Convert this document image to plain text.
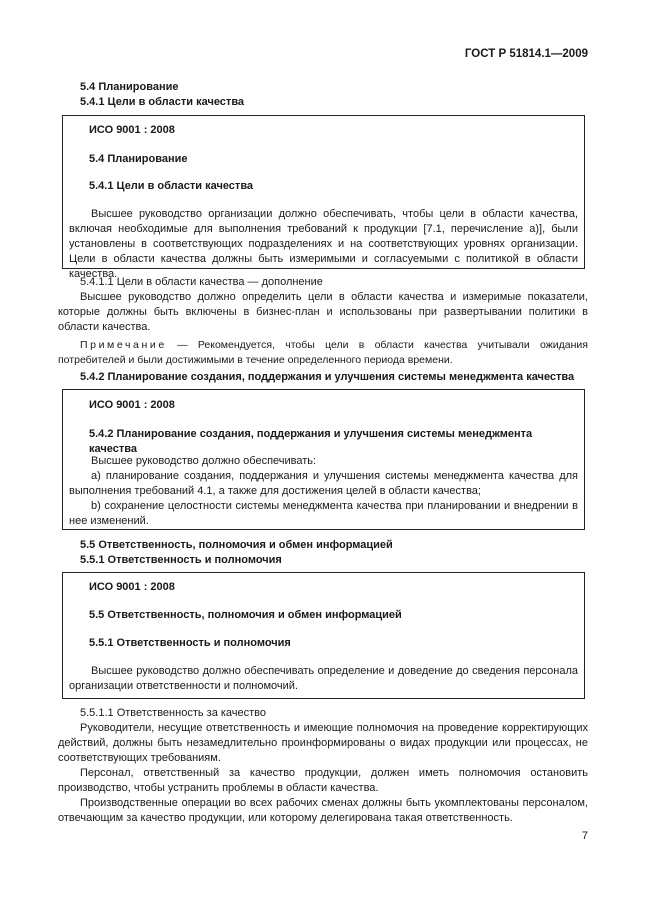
ГОСТ Р 51814.1—2009
5.4 Планирование
5.4.1 Цели в области качества
ИСО 9001 : 2008
5.4 Планирование
5.4.1 Цели в области качества
Высшее руководство организации должно обеспечивать, чтобы цели в области качества, включая необходимые для выполнения требований к продукции [7.1, перечисление а)], были установлены в соответствующих подразделениях и на соответствующих уровнях организации. Цели в области качества должны быть измеримыми и согласуемыми с политикой в области качества.
5.4.1.1 Цели в области качества — дополнение
Высшее руководство должно определить цели в области качества и измеримые показатели, которые должны быть включены в бизнес-план и использованы при развертывании политики в области качества.
Примечание — Рекомендуется, чтобы цели в области качества учитывали ожидания потребителей и были достижимыми в течение определенного периода времени.
5.4.2 Планирование создания, поддержания и улучшения системы менеджмента качества
ИСО 9001 : 2008
5.4.2 Планирование создания, поддержания и улучшения системы менеджмента качества
Высшее руководство должно обеспечивать:
a) планирование создания, поддержания и улучшения системы менеджмента качества для выполнения требований 4.1, а также для достижения целей в области качества;
b) сохранение целостности системы менеджмента качества при планировании и внедрении в нее изменений.
5.5 Ответственность, полномочия и обмен информацией
5.5.1 Ответственность и полномочия
ИСО 9001 : 2008
5.5 Ответственность, полномочия и обмен информацией
5.5.1 Ответственность и полномочия
Высшее руководство должно обеспечивать определение и доведение до сведения персонала организации ответственности и полномочий.
5.5.1.1 Ответственность за качество
Руководители, несущие ответственность и имеющие полномочия на проведение корректирующих действий, должны быть незамедлительно проинформированы о видах продукции или процессах, не соответствующих требованиям.
Персонал, ответственный за качество продукции, должен иметь полномочия остановить производство, чтобы устранить проблемы в области качества.
Производственные операции во всех рабочих сменах должны быть укомплектованы персоналом, отвечающим за качество продукции, или которому делегирована такая ответственность.
7
